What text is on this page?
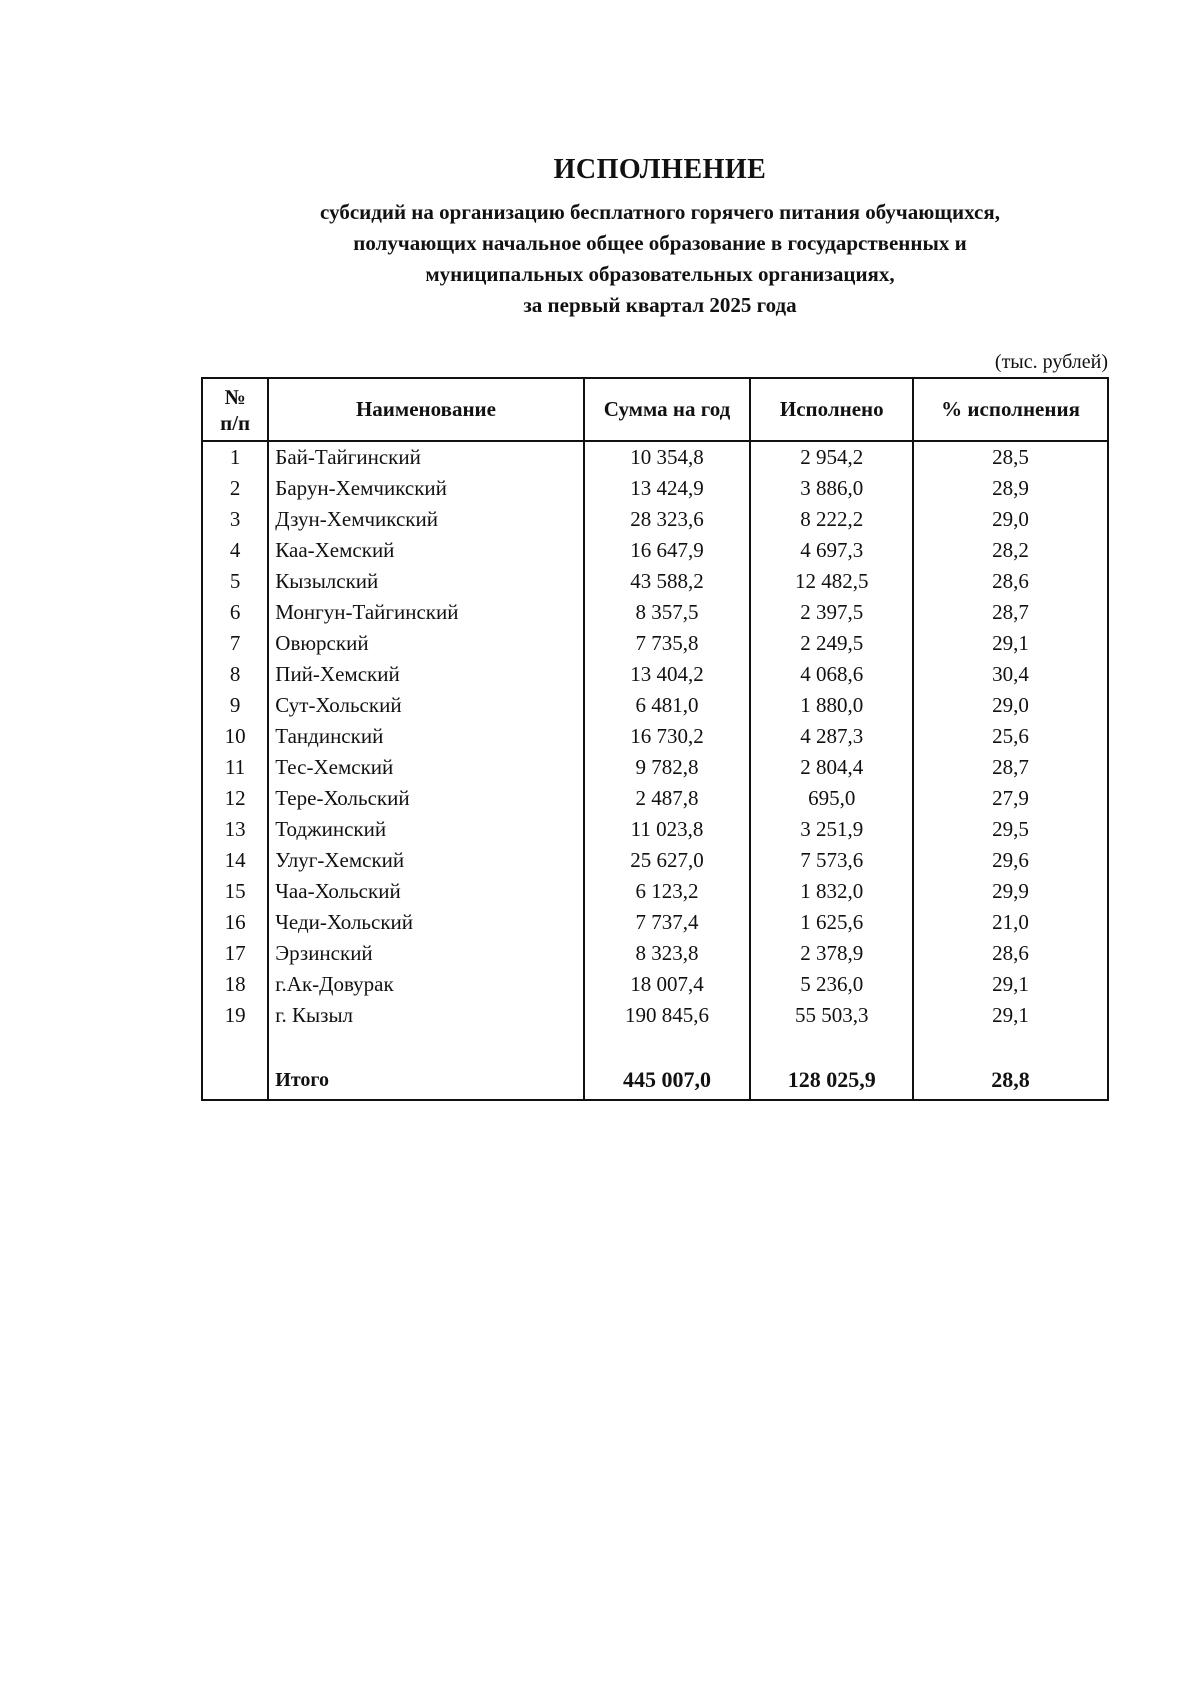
ИСПОЛНЕНИЕ
субсидий на организацию бесплатного горячего питания обучающихся,
получающих начальное общее образование в государственных и
муниципальных образовательных организациях,
за первый квартал 2025 года
(тыс. рублей)
№
п/п	Наименование	Сумма на год	Исполнено	% исполнения
1	Бай-Тайгинский	10 354,8	2 954,2	28,5
2	Барун-Хемчикский	13 424,9	3 886,0	28,9
3	Дзун-Хемчикский	28 323,6	8 222,2	29,0
4	Каа-Хемский	16 647,9	4 697,3	28,2
5	Кызылский	43 588,2	12 482,5	28,6
6	Монгун-Тайгинский	8 357,5	2 397,5	28,7
7	Овюрский	7 735,8	2 249,5	29,1
8	Пий-Хемский	13 404,2	4 068,6	30,4
9	Сут-Хольский	6 481,0	1 880,0	29,0
10	Тандинский	16 730,2	4 287,3	25,6
11	Тес-Хемский	9 782,8	2 804,4	28,7
12	Тере-Хольский	2 487,8	695,0	27,9
13	Тоджинский	11 023,8	3 251,9	29,5
14	Улуг-Хемский	25 627,0	7 573,6	29,6
15	Чаа-Хольский	6 123,2	1 832,0	29,9
16	Чеди-Хольский	7 737,4	1 625,6	21,0
17	Эрзинский	8 323,8	2 378,9	28,6
18	г.Ак-Довурак	18 007,4	5 236,0	29,1
19	г. Кызыл	190 845,6	55 503,3	29,1

	Итого	445 007,0	128 025,9	28,8
